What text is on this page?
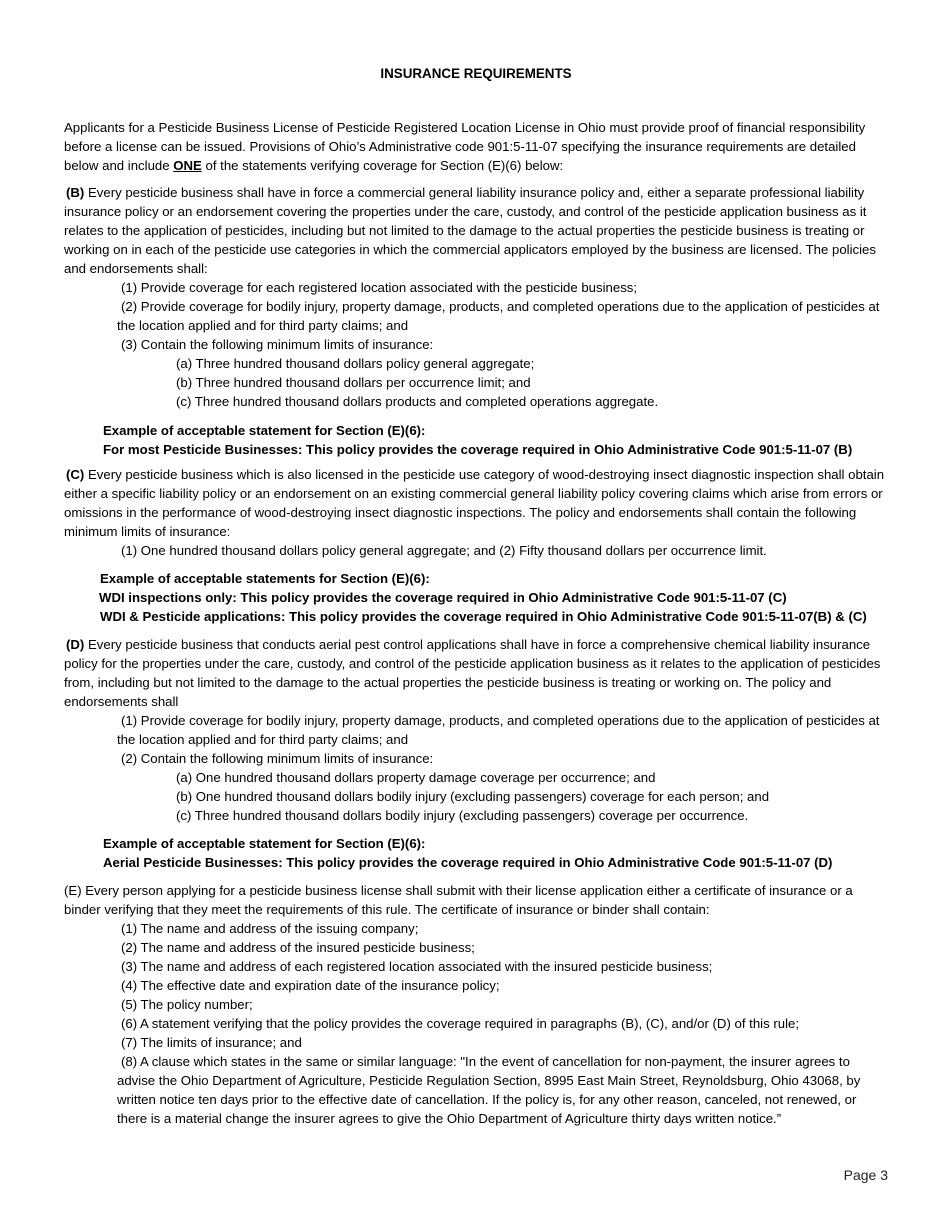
INSURANCE REQUIREMENTS

Applicants for a Pesticide Business License of Pesticide Registered Location License in Ohio must provide proof of financial responsibility before a license can be issued. Provisions of Ohio’s Administrative code 901:5-11-07 specifying the insurance requirements are detailed below and include ONE of the statements verifying coverage for Section (E)(6) below:

(B) Every pesticide business shall have in force a commercial general liability insurance policy and, either a separate professional liability insurance policy or an endorsement covering the properties under the care, custody, and control of the pesticide application business as it relates to the application of pesticides, including but not limited to the damage to the actual properties the pesticide business is treating or working on in each of the pesticide use categories in which the commercial applicators employed by the business are licensed. The policies and endorsements shall:

(1) Provide coverage for each registered location associated with the pesticide business;

(2) Provide coverage for bodily injury, property damage, products, and completed operations due to the application of pesticides at the location applied and for third party claims; and

(3) Contain the following minimum limits of insurance:

(a) Three hundred thousand dollars policy general aggregate;

(b) Three hundred thousand dollars per occurrence limit; and

(c) Three hundred thousand dollars products and completed operations aggregate.

Example of acceptable statement for Section (E)(6):

For most Pesticide Businesses: This policy provides the coverage required in Ohio Administrative Code 901:5-11-07 (B)

(C) Every pesticide business which is also licensed in the pesticide use category of wood-destroying insect diagnostic inspection shall obtain either a specific liability policy or an endorsement on an existing commercial general liability policy covering claims which arise from errors or omissions in the performance of wood-destroying insect diagnostic inspections. The policy and endorsements shall contain the following minimum limits of insurance:

(1) One hundred thousand dollars policy general aggregate; and (2) Fifty thousand dollars per occurrence limit.

Example of acceptable statements for Section (E)(6):

WDI inspections only: This policy provides the coverage required in Ohio Administrative Code 901:5-11-07 (C)

WDI & Pesticide applications: This policy provides the coverage required in Ohio Administrative Code 901:5-11-07(B) & (C)

(D) Every pesticide business that conducts aerial pest control applications shall have in force a comprehensive chemical liability insurance policy for the properties under the care, custody, and control of the pesticide application business as it relates to the application of pesticides from, including but not limited to the damage to the actual properties the pesticide business is treating or working on. The policy and endorsements shall

(1) Provide coverage for bodily injury, property damage, products, and completed operations due to the application of pesticides at the location applied and for third party claims; and

(2) Contain the following minimum limits of insurance:

(a) One hundred thousand dollars property damage coverage per occurrence; and

(b) One hundred thousand dollars bodily injury (excluding passengers) coverage for each person; and

(c) Three hundred thousand dollars bodily injury (excluding passengers) coverage per occurrence.

Example of acceptable statement for Section (E)(6):

Aerial Pesticide Businesses: This policy provides the coverage required in Ohio Administrative Code 901:5-11-07 (D)

(E) Every person applying for a pesticide business license shall submit with their license application either a certificate of insurance or a binder verifying that they meet the requirements of this rule. The certificate of insurance or binder shall contain:

(1) The name and address of the issuing company;

(2) The name and address of the insured pesticide business;

(3) The name and address of each registered location associated with the insured pesticide business;

(4) The effective date and expiration date of the insurance policy;

(5) The policy number;

(6) A statement verifying that the policy provides the coverage required in paragraphs (B), (C), and/or (D) of this rule;

(7) The limits of insurance; and

(8) A clause which states in the same or similar language: "In the event of cancellation for non-payment, the insurer agrees to advise the Ohio Department of Agriculture, Pesticide Regulation Section, 8995 East Main Street, Reynoldsburg, Ohio 43068, by written notice ten days prior to the effective date of cancellation. If the policy is, for any other reason, canceled, not renewed, or there is a material change the insurer agrees to give the Ohio Department of Agriculture thirty days written notice.”

Page 3
